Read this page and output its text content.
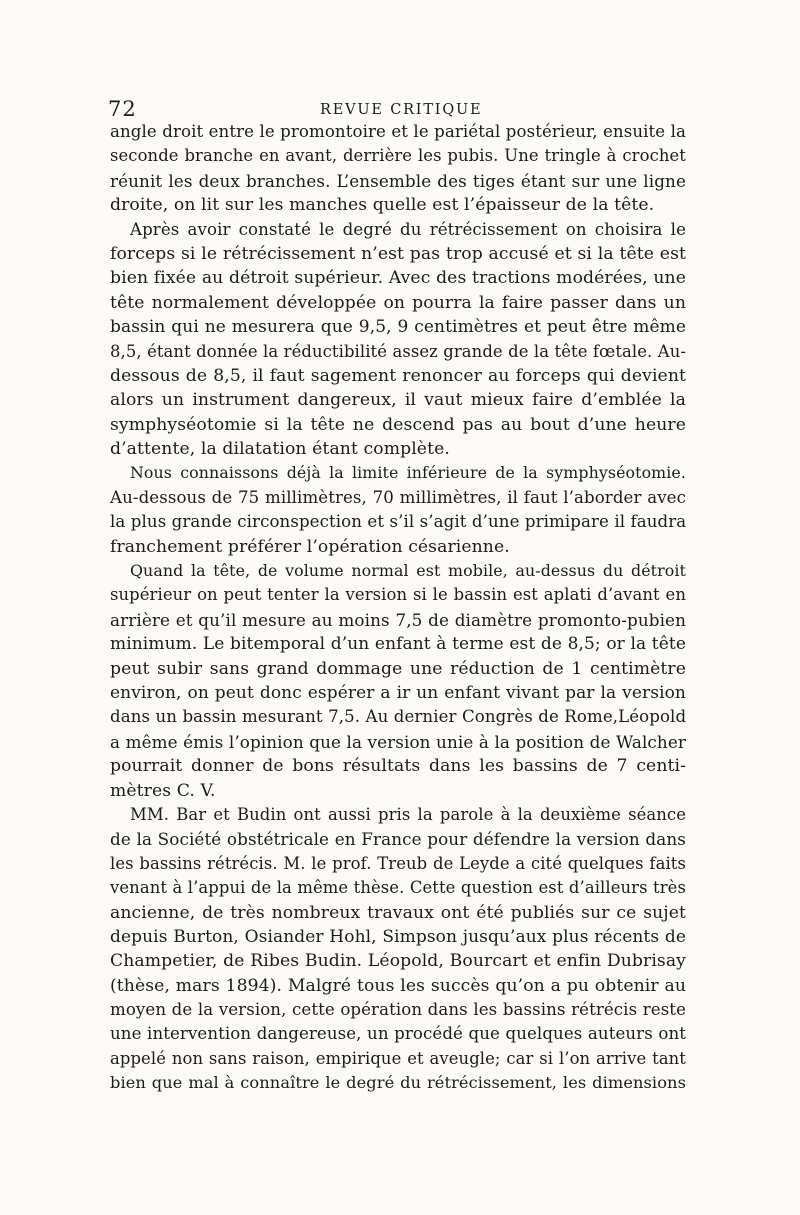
72	REVUE CRITIQUE
angle droit entre le promontoire et le pariétal postérieur, ensuite la
seconde branche en avant, derrière les pubis. Une tringle à crochet
réunit les deux branches. L’ensemble des tiges étant sur une ligne
droite, on lit sur les manches quelle est l’épaisseur de la tête.
Après avoir constaté le degré du rétrécissement on choisira le
forceps si le rétrécissement n’est pas trop accusé et si la tête est
bien fixée au détroit supérieur. Avec des tractions modérées, une
tête normalement développée on pourra la faire passer dans un
bassin qui ne mesurera que 9,5, 9 centimètres et peut être même
8,5, étant donnée la réductibilité assez grande de la tête fœtale. Au-
dessous de 8,5, il faut sagement renoncer au forceps qui devient
alors un instrument dangereux, il vaut mieux faire d’emblée la
symphyséotomie si la tête ne descend pas au bout d’une heure
d’attente, la dilatation étant complète.
Nous connaissons déjà la limite inférieure de la symphyséotomie.
Au-dessous de 75 millimètres, 70 millimètres, il faut l’aborder avec
la plus grande circonspection et s’il s’agit d’une primipare il faudra
franchement préférer l’opération césarienne.
Quand la tête, de volume normal est mobile, au-dessus du détroit
supérieur on peut tenter la version si le bassin est aplati d’avant en
arrière et qu’il mesure au moins 7,5 de diamètre promonto-pubien
minimum. Le bitemporal d’un enfant à terme est de 8,5; or la tête
peut subir sans grand dommage une réduction de 1 centimètre
environ, on peut donc espérer a ir un enfant vivant par la version
dans un bassin mesurant 7,5. Au dernier Congrès de Rome,Léopold
a même émis l’opinion que la version unie à la position de Walcher
pourrait donner de bons résultats dans les bassins de 7 centi-
mètres C. V.
MM. Bar et Budin ont aussi pris la parole à la deuxième séance
de la Société obstétricale en France pour défendre la version dans
les bassins rétrécis. M. le prof. Treub de Leyde a cité quelques faits
venant à l’appui de la même thèse. Cette question est d’ailleurs très
ancienne, de très nombreux travaux ont été publiés sur ce sujet
depuis Burton, Osiander Hohl, Simpson jusqu’aux plus récents de
Champetier, de Ribes Budin. Léopold, Bourcart et enfin Dubrisay
(thèse, mars 1894). Malgré tous les succès qu’on a pu obtenir au
moyen de la version, cette opération dans les bassins rétrécis reste
une intervention dangereuse, un procédé que quelques auteurs ont
appelé non sans raison, empirique et aveugle; car si l’on arrive tant
bien que mal à connaître le degré du rétrécissement, les dimensions
